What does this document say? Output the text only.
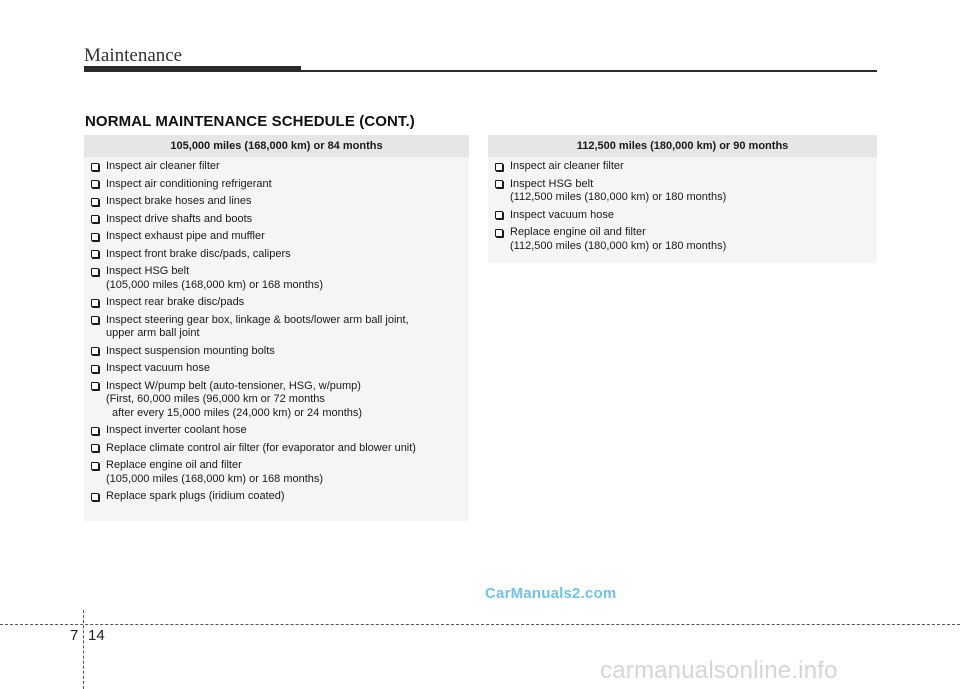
Maintenance
NORMAL MAINTENANCE SCHEDULE (CONT.)
105,000 miles (168,000 km) or 84 months
Inspect air cleaner filter
Inspect air conditioning refrigerant
Inspect brake hoses and lines
Inspect drive shafts and boots
Inspect exhaust pipe and muffler
Inspect front brake disc/pads, calipers
Inspect HSG belt
(105,000 miles (168,000 km) or 168 months)
Inspect rear brake disc/pads
Inspect steering gear box, linkage & boots/lower arm ball joint,
upper arm ball joint
Inspect suspension mounting bolts
Inspect vacuum hose
Inspect W/pump belt (auto-tensioner, HSG, w/pump)
(First, 60,000 miles (96,000 km or 72 months
after every 15,000 miles (24,000 km) or 24 months)
Inspect inverter coolant hose
Replace climate control air filter (for evaporator and blower unit)
Replace engine oil and filter
(105,000 miles (168,000 km) or 168 months)
Replace spark plugs (iridium coated)
112,500 miles (180,000 km) or 90 months
Inspect air cleaner filter
Inspect HSG belt
(112,500 miles (180,000 km) or 180 months)
Inspect vacuum hose
Replace engine oil and filter
(112,500 miles (180,000 km) or 180 months)
7 14
CarManuals2.com
carmanualsonline.info
